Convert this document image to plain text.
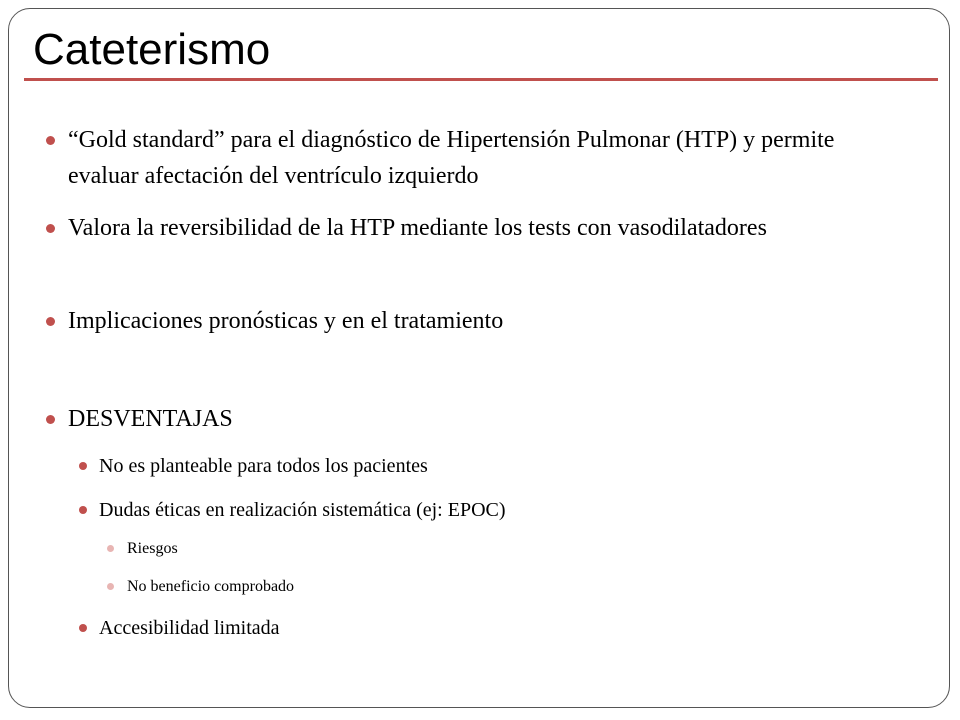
Cateterismo
“Gold standard” para el diagnóstico de Hipertensión Pulmonar (HTP) y permite evaluar afectación del ventrículo izquierdo
Valora la reversibilidad de la HTP mediante los tests con vasodilatadores
Implicaciones pronósticas y en el tratamiento
DESVENTAJAS
No es planteable para todos los pacientes
Dudas éticas en realización sistemática (ej: EPOC)
Riesgos
No beneficio comprobado
Accesibilidad limitada
